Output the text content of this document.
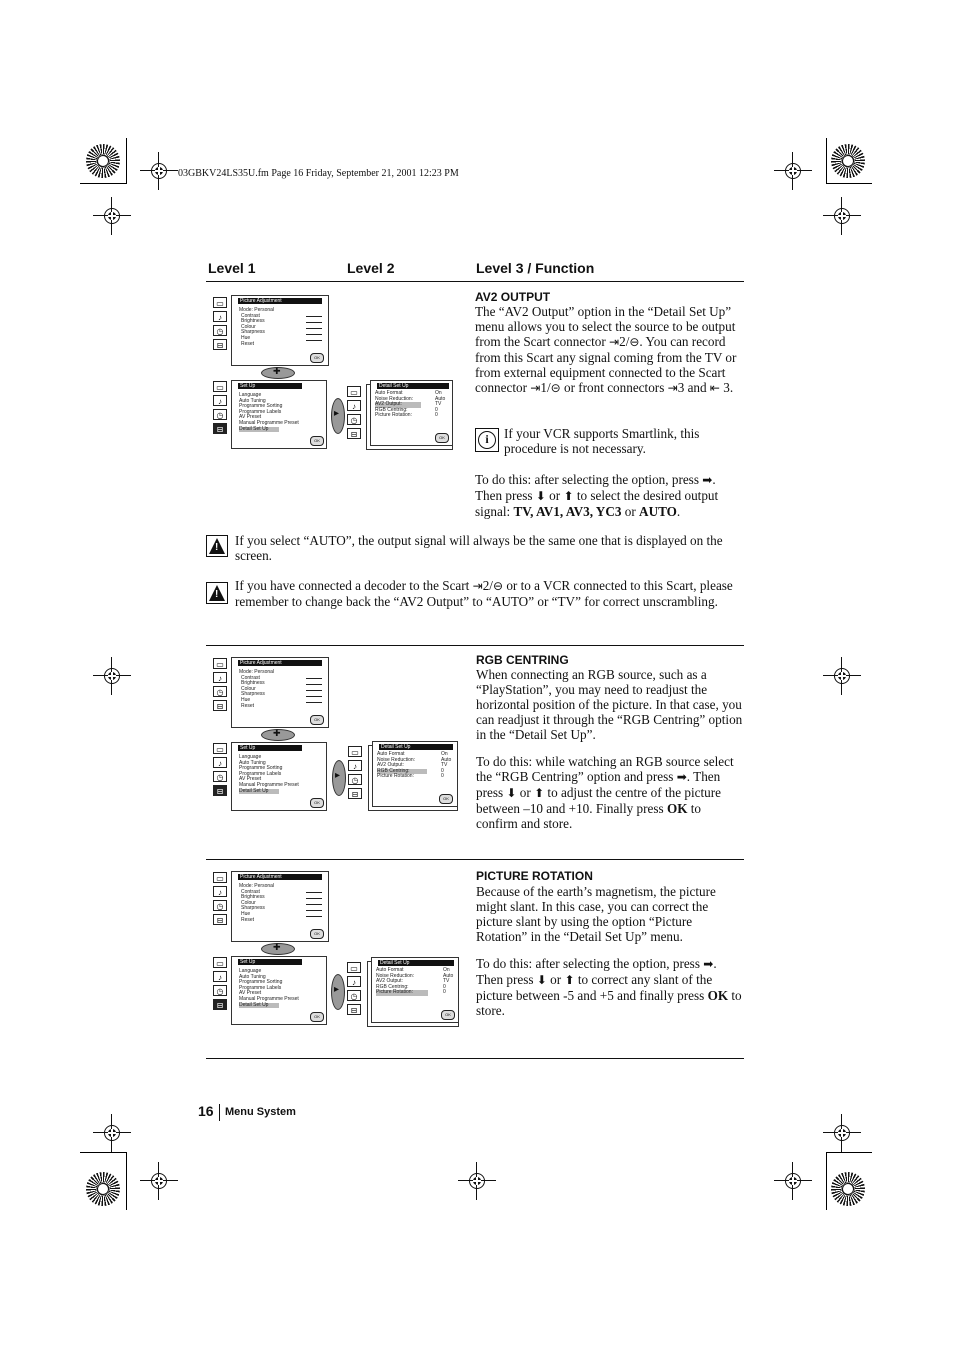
03GBKV24LS35U.fm Page 16 Friday, September 21, 2001 12:23 PM
Level 1	Level 2	Level 3 / Function
▭
♪
◷
⊟
Picture Adjustment
Mode: Personal
Contrast
Brightness
Colour
Sharpness
Hue
Reset
OK
✚
▭
♪
◷
⊟
Set Up
Language
Auto Tuning
Programme Sorting
Programme Labels
AV Preset
Manual Programme Preset
Detail Set Up
OK
▸
▭
♪
◷
⊟
Detail Set Up
Auto Format
Noise Reduction:
AV2 Output:
RGB Centring:
Picture Rotation:
On
Auto
TV
0
0
OK
AV2 OUTPUT
The “AV2 Output” option in the “Detail Set Up” menu allows you to select the source to be output from the Scart connector ⇥2/⊖. You can record from this Scart any signal coming from the TV or from external equipment connected to the Scart connector ⇥1/⊝ or front connectors ⇥3 and ⇤ 3.
i	If your VCR supports Smartlink, this procedure is not necessary.
To do this: after selecting the option, press ➡. Then press ⬇ or ⬆ to select the desired output signal: TV, AV1, AV3, YC3 or AUTO.
!
If you select “AUTO”, the output signal will always be the same one that is displayed on the screen.
!
If you have connected a decoder to the Scart ⇥2/⊖ or to a VCR connected to this Scart, please remember to change back the “AV2 Output” to “AUTO” or “TV” for correct unscrambling.
▭
♪
◷
⊟
Picture Adjustment
Mode: Personal
Contrast
Brightness
Colour
Sharpness
Hue
Reset
OK
✚
▭
♪
◷
⊟
Set Up
Language
Auto Tuning
Programme Sorting
Programme Labels
AV Preset
Manual Programme Preset
Detail Set Up
OK
▸
▭
♪
◷
⊟
Detail Set Up
Auto Format
Noise Reduction:
AV2 Output:
RGB Centring:
Picture Rotation:
On
Auto
TV
0
0
OK
RGB CENTRING
When connecting an RGB source, such as a “PlayStation”, you may need to readjust the horizontal position of the picture. In that case, you can readjust it through the “RGB Centring” option in the “Detail Set Up”.
To do this: while watching an RGB source select the “RGB Centring” option and press ➡. Then press ⬇ or ⬆ to adjust the centre of the picture between –10 and +10. Finally press OK to confirm and store.
▭
♪
◷
⊟
Picture Adjustment
Mode: Personal
Contrast
Brightness
Colour
Sharpness
Hue
Reset
OK
✚
▭
♪
◷
⊟
Set Up
Language
Auto Tuning
Programme Sorting
Programme Labels
AV Preset
Manual Programme Preset
Detail Set Up
OK
▸
▭
♪
◷
⊟
Detail Set Up
Auto Format
Noise Reduction:
AV2 Output:
RGB Centring:
Picture Rotation:
On
Auto
TV
0
0
OK
PICTURE ROTATION
Because of the earth’s magnetism, the picture might slant. In this case, you can correct the picture slant by using the option “Picture Rotation” in the “Detail Set Up” menu.
To do this: after selecting the option, press ➡. Then press ⬇ or ⬆ to correct any slant of the picture between -5 and +5 and finally press OK to store.
16 Menu System
